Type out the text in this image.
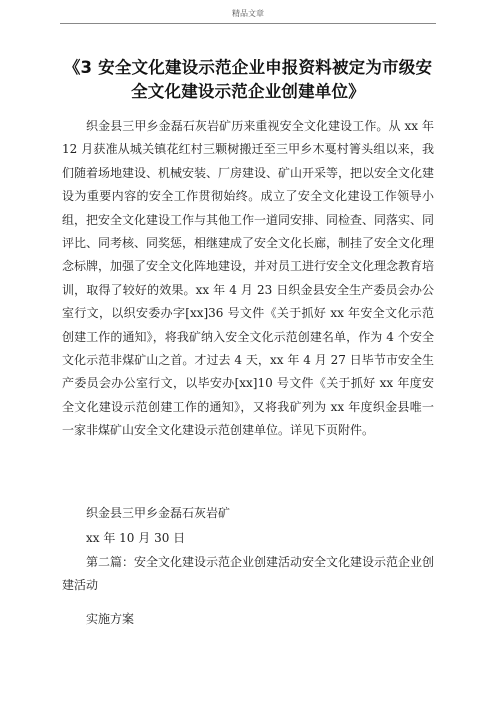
精品文章
《3 安全文化建设示范企业申报资料被定为市级安全文化建设示范企业创建单位》

织金县三甲乡金磊石灰岩矿历来重视安全文化建设工作。从 xx 年 12 月获准从城关镇花红村三颗树搬迁至三甲乡木戛村箐头组以来，我们随着场地建设、机械安装、厂房建设、矿山开采等，把以安全文化建设为重要内容的安全工作贯彻始终。成立了安全文化建设工作领导小组，把安全文化建设工作与其他工作一道同安排、同检查、同落实、同评比、同考核、同奖惩，相继建成了安全文化长廊，制挂了安全文化理念标牌，加强了安全文化阵地建设，并对员工进行安全文化理念教育培训，取得了较好的效果。xx 年 4 月 23 日织金县安全生产委员会办公室行文，以织安委办字[xx]36 号文件《关于抓好 xx 年安全文化示范创建工作的通知》，将我矿纳入安全文化示范创建名单，作为 4 个安全文化示范非煤矿山之首。才过去 4 天，xx 年 4 月 27 日毕节市安全生产委员会办公室行文，以毕安办[xx]10 号文件《关于抓好 xx 年度安全文化建设示范创建工作的通知》，又将我矿列为 xx 年度织金县唯一一家非煤矿山安全文化建设示范创建单位。详见下页附件。

织金县三甲乡金磊石灰岩矿
xx 年 10 月 30 日
第二篇：安全文化建设示范企业创建活动安全文化建设示范企业创建活动
实施方案
